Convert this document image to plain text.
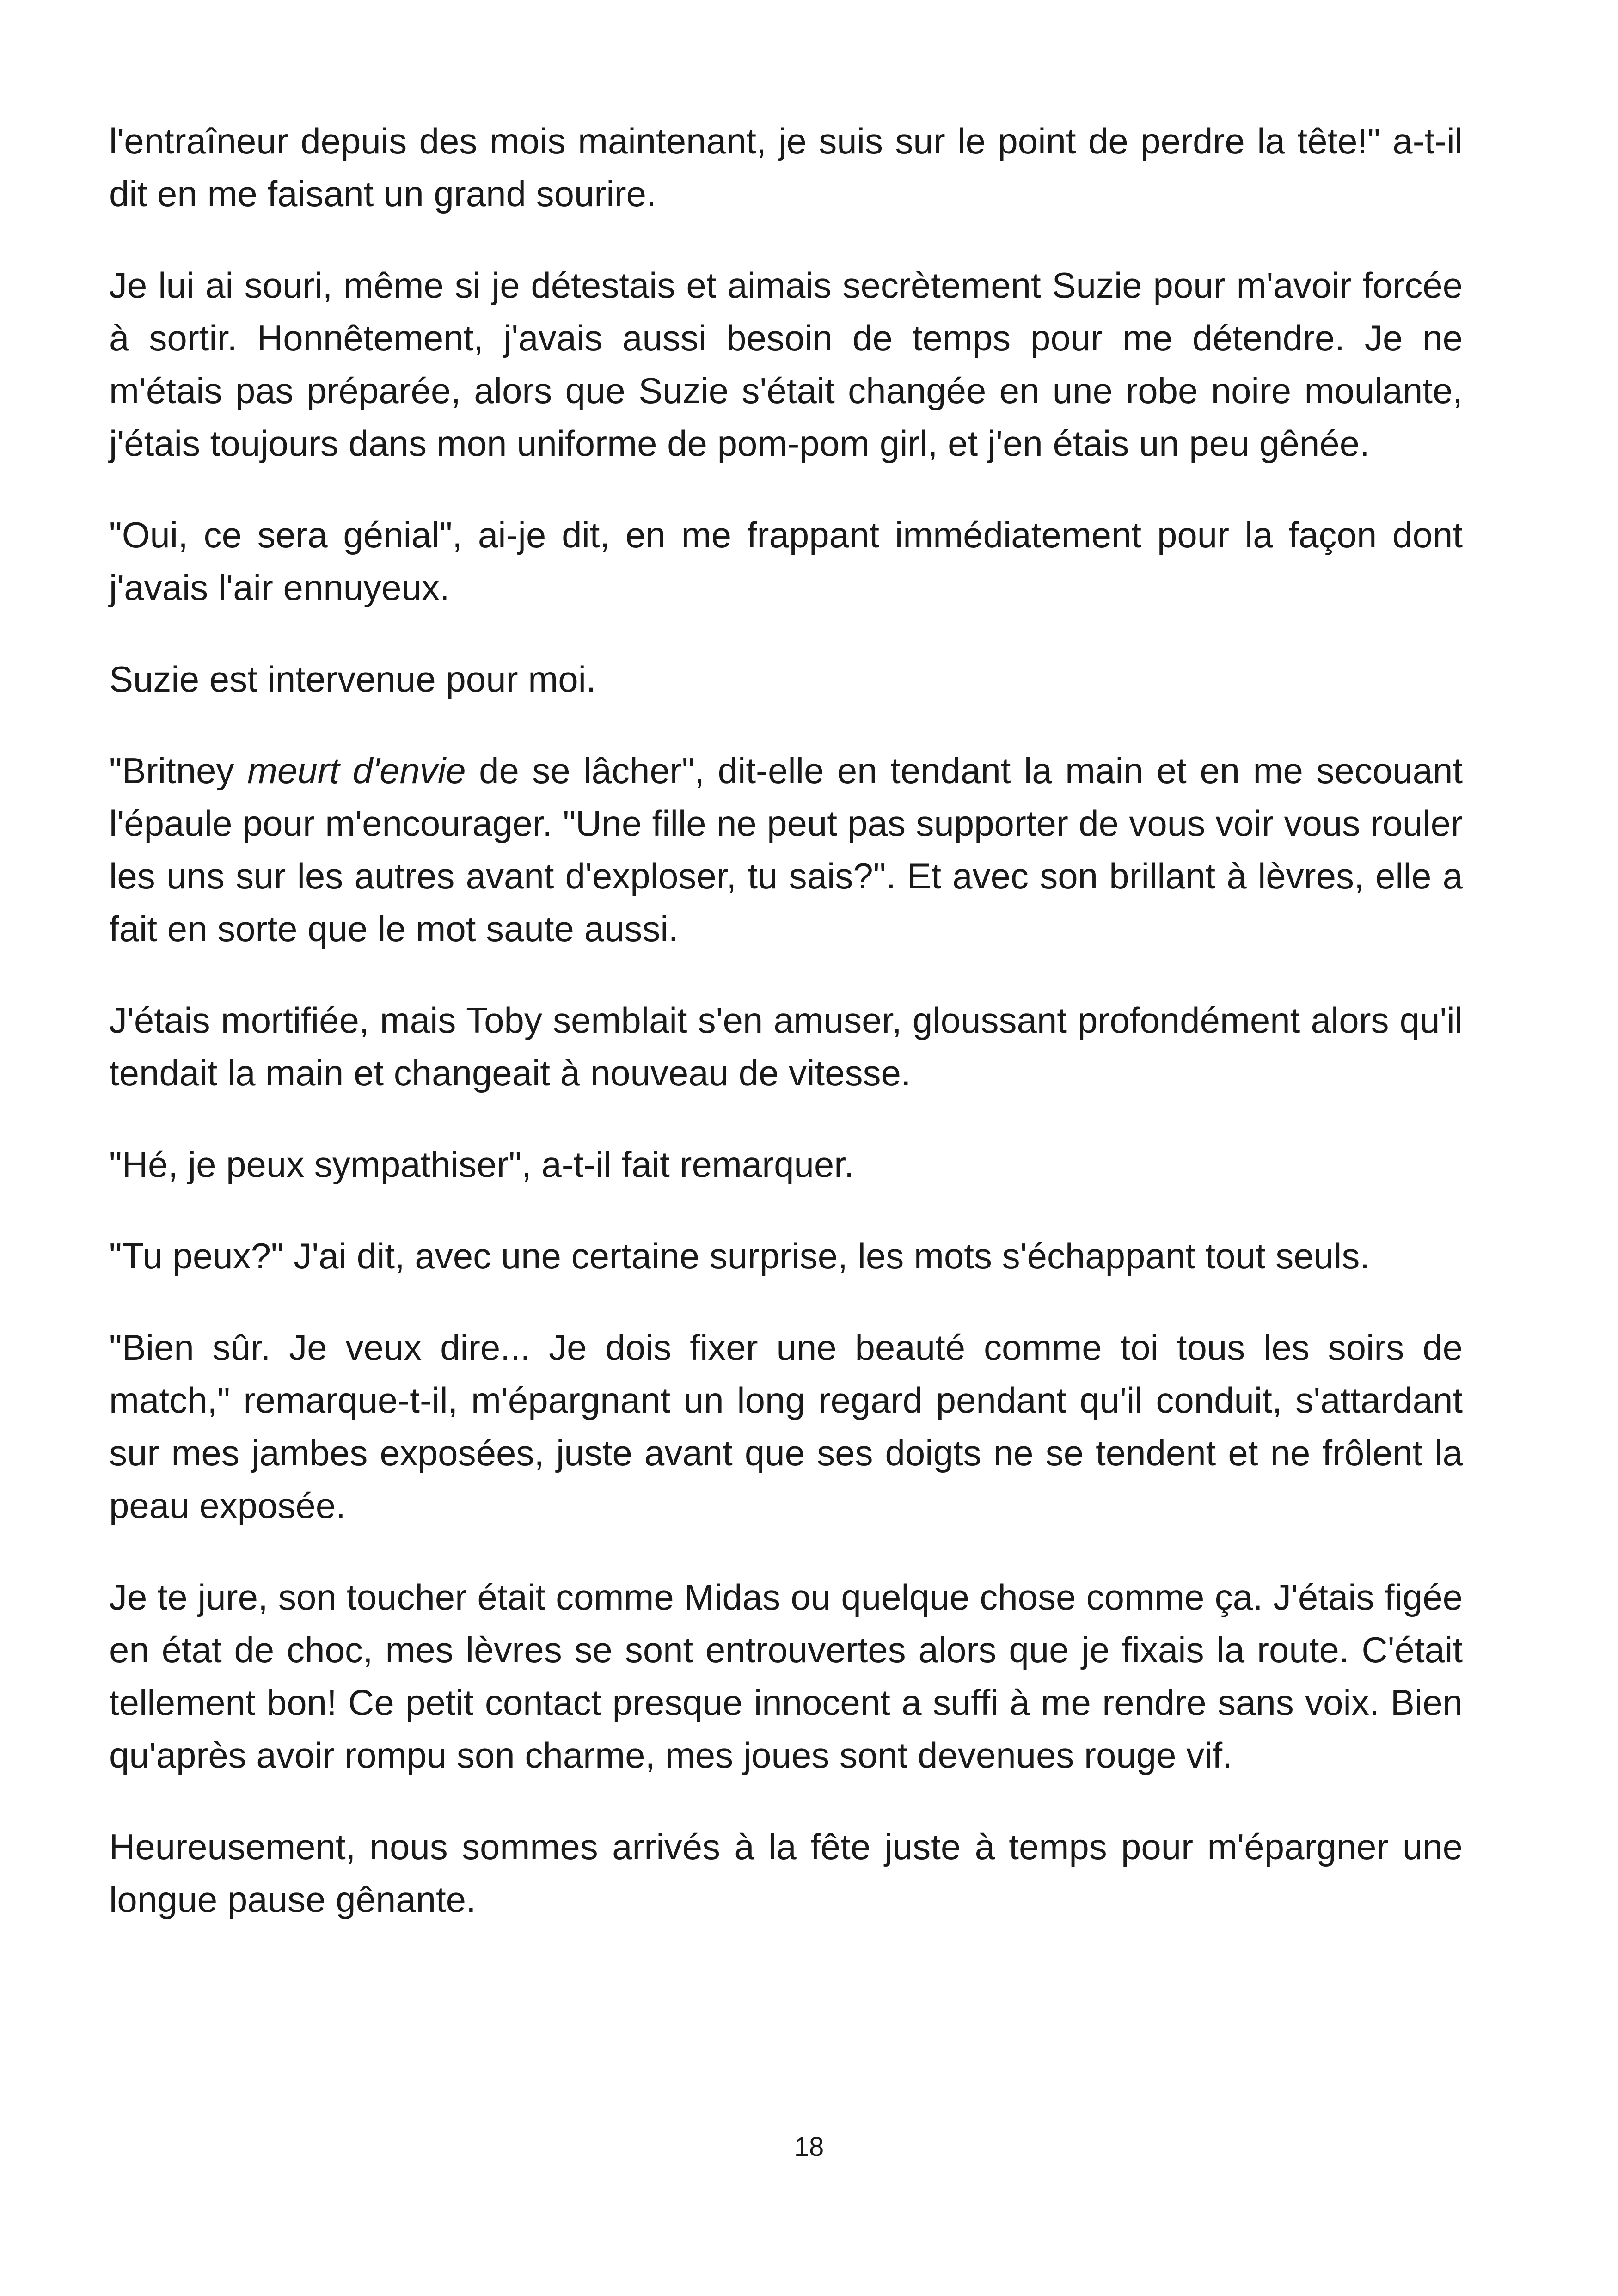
l'entraîneur depuis des mois maintenant, je suis sur le point de perdre la tête!" a-t-il dit en me faisant un grand sourire.

Je lui ai souri, même si je détestais et aimais secrètement Suzie pour m'avoir forcée à sortir. Honnêtement, j'avais aussi besoin de temps pour me détendre. Je ne m'étais pas préparée, alors que Suzie s'était changée en une robe noire moulante, j'étais toujours dans mon uniforme de pom-pom girl, et j'en étais un peu gênée.

"Oui, ce sera génial", ai-je dit, en me frappant immédiatement pour la façon dont j'avais l'air ennuyeux.

Suzie est intervenue pour moi.

"Britney meurt d'envie de se lâcher", dit-elle en tendant la main et en me secouant l'épaule pour m'encourager. "Une fille ne peut pas supporter de vous voir vous rouler les uns sur les autres avant d'exploser, tu sais?". Et avec son brillant à lèvres, elle a fait en sorte que le mot saute aussi.

J'étais mortifiée, mais Toby semblait s'en amuser, gloussant profondément alors qu'il tendait la main et changeait à nouveau de vitesse.

"Hé, je peux sympathiser", a-t-il fait remarquer.

"Tu peux?" J'ai dit, avec une certaine surprise, les mots s'échappant tout seuls.

"Bien sûr. Je veux dire... Je dois fixer une beauté comme toi tous les soirs de match," remarque-t-il, m'épargnant un long regard pendant qu'il conduit, s'attardant sur mes jambes exposées, juste avant que ses doigts ne se tendent et ne frôlent la peau exposée.

Je te jure, son toucher était comme Midas ou quelque chose comme ça. J'étais figée en état de choc, mes lèvres se sont entrouvertes alors que je fixais la route. C'était tellement bon! Ce petit contact presque innocent a suffi à me rendre sans voix. Bien qu'après avoir rompu son charme, mes joues sont devenues rouge vif.

Heureusement, nous sommes arrivés à la fête juste à temps pour m'épargner une longue pause gênante.

18
